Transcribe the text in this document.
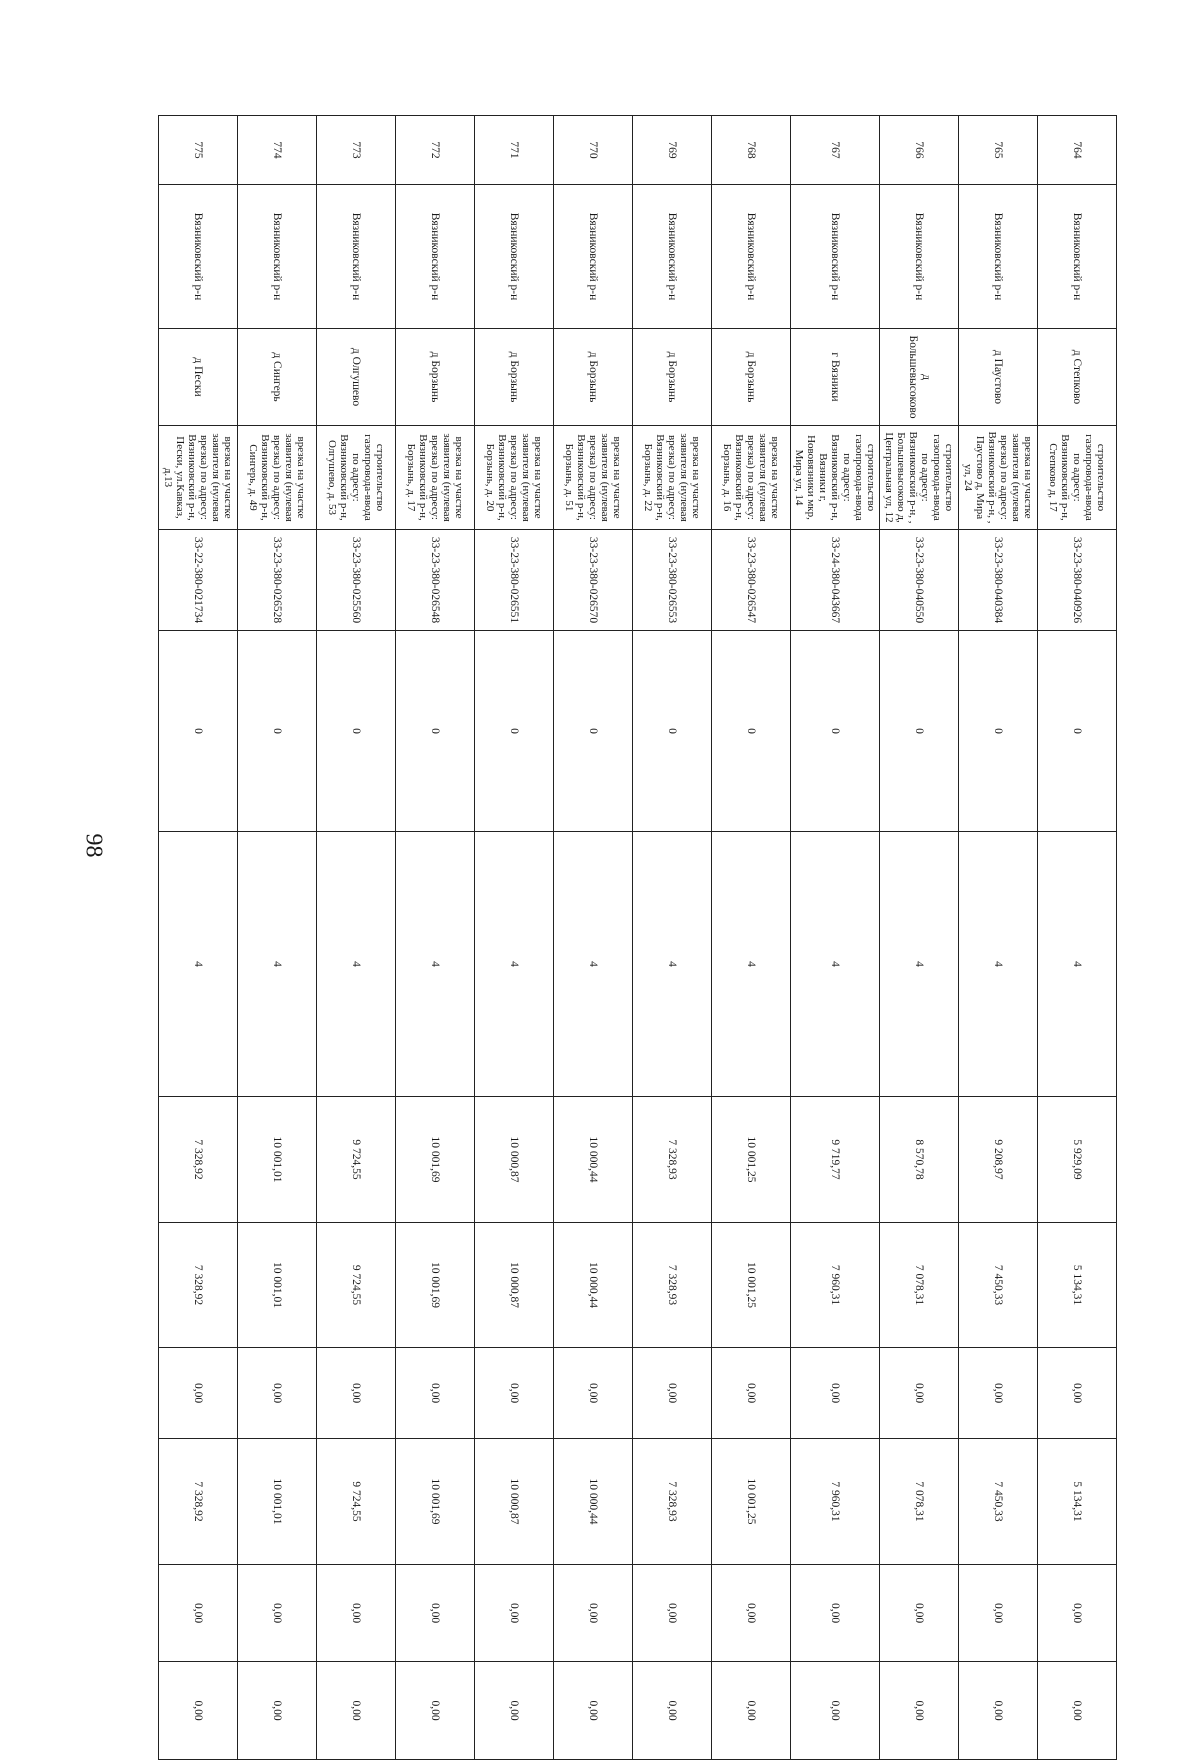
98
764	Вязниковский р-н	д Степково	строительство газопровода-ввода по адресу: Вязниковский р-н, Степково д, 17	33-23-380-040926	0	4	5 929,09	5 134,31	0,00	5 134,31	0,00	0,00
765	Вязниковский р-н	д Паустово	врезка на участке заявителя (нулевая врезка) по адресу: Вязниковский р-н, , Паустово д, Мира ул, 24	33-23-380-040384	0	4	9 208,97	7 450,33	0,00	7 450,33	0,00	0,00
766	Вязниковский р-н	д Большевысоково	строительство газопровода-ввода по адресу: Вязниковский р-н, , Большевысоково д, Центральная ул, 12	33-23-380-040550	0	4	8 570,78	7 078,31	0,00	7 078,31	0,00	0,00
767	Вязниковский р-н	г Вязники	строительство газопровода-ввода по адресу: Вязниковский р-н, Вязники г, Нововязники мкр, Мира ул, 14	33-24-380-043667	0	4	9 719,77	7 960,31	0,00	7 960,31	0,00	0,00
768	Вязниковский р-н	д Борзынь	врезка на участке заявителя (нулевая врезка) по адресу: Вязниковский р-н, Борзынь, д. 16	33-23-380-026547	0	4	10 001,25	10 001,25	0,00	10 001,25	0,00	0,00
769	Вязниковский р-н	д Борзынь	врезка на участке заявителя (нулевая врезка) по адресу: Вязниковский р-н, Борзынь, д. 22	33-23-380-026553	0	4	7 328,93	7 328,93	0,00	7 328,93	0,00	0,00
770	Вязниковский р-н	д Борзынь	врезка на участке заявителя (нулевая врезка) по адресу: Вязниковский р-н, Борзынь, д. 51	33-23-380-026570	0	4	10 000,44	10 000,44	0,00	10 000,44	0,00	0,00
771	Вязниковский р-н	д Борзынь	врезка на участке заявителя (нулевая врезка) по адресу: Вязниковский р-н, Борзынь, д. 20	33-23-380-026551	0	4	10 000,87	10 000,87	0,00	10 000,87	0,00	0,00
772	Вязниковский р-н	д Борзынь	врезка на участке заявителя (нулевая врезка) по адресу: Вязниковский р-н, Борзынь, д. 17	33-23-380-026548	0	4	10 001,69	10 001,69	0,00	10 001,69	0,00	0,00
773	Вязниковский р-н	д Олгушево	строительство газопровода-ввода по адресу: Вязниковский р-н, Олгушево, д. 53	33-23-380-025560	0	4	9 724,55	9 724,55	0,00	9 724,55	0,00	0,00
774	Вязниковский р-н	д Сингерь	врезка на участке заявителя (нулевая врезка) по адресу: Вязниковский р-н, Сингерь, д. 49	33-23-380-026528	0	4	10 001,01	10 001,01	0,00	10 001,01	0,00	0,00
775	Вязниковский р-н	д Пески	врезка на участке заявителя (нулевая врезка) по адресу: Вязниковский р-н, Пески, ул.Кавказ, д.13	33-22-380-021734	0	4	7 328,92	7 328,92	0,00	7 328,92	0,00	0,00
